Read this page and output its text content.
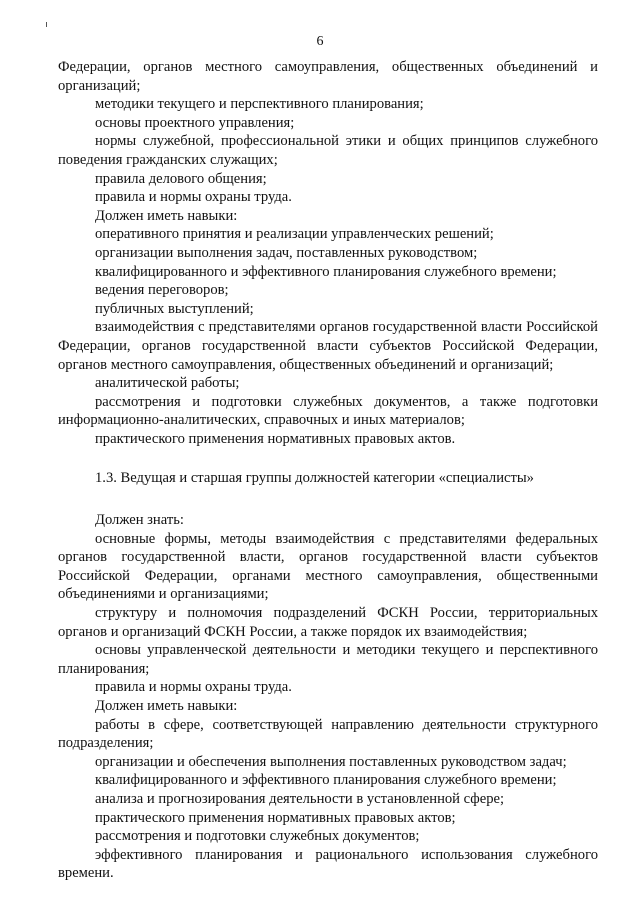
6

Федерации, органов местного самоуправления, общественных объединений и организаций;

методики текущего и перспективного планирования;

основы проектного управления;

нормы служебной, профессиональной этики и общих принципов служебного поведения гражданских служащих;

правила делового общения;

правила и нормы охраны труда.

Должен иметь навыки:

оперативного принятия и реализации управленческих решений;

организации выполнения задач, поставленных руководством;

квалифицированного и эффективного планирования служебного времени;

ведения переговоров;

публичных выступлений;

взаимодействия с представителями органов государственной власти Российской Федерации, органов государственной власти субъектов Российской Федерации, органов местного самоуправления, общественных объединений и организаций;

аналитической работы;

рассмотрения и подготовки служебных документов, а также подготовки информационно-аналитических, справочных и иных материалов;

практического применения нормативных правовых актов.

1.3. Ведущая и старшая группы должностей категории «специалисты»

Должен знать:

основные формы, методы взаимодействия с представителями федеральных органов государственной власти, органов государственной власти субъектов Российской Федерации, органами местного самоуправления, общественными объединениями и организациями;

структуру и полномочия подразделений ФСКН России, территориальных органов и организаций ФСКН России, а также порядок их взаимодействия;

основы управленческой деятельности и методики текущего и перспективного планирования;

правила и нормы охраны труда.

Должен иметь навыки:

работы в сфере, соответствующей направлению деятельности структурного подразделения;

организации и обеспечения выполнения поставленных руководством задач;

квалифицированного и эффективного планирования служебного времени;

анализа и прогнозирования деятельности в установленной сфере;

практического применения нормативных правовых актов;

рассмотрения и подготовки служебных документов;

эффективного планирования и рационального использования служебного времени.
